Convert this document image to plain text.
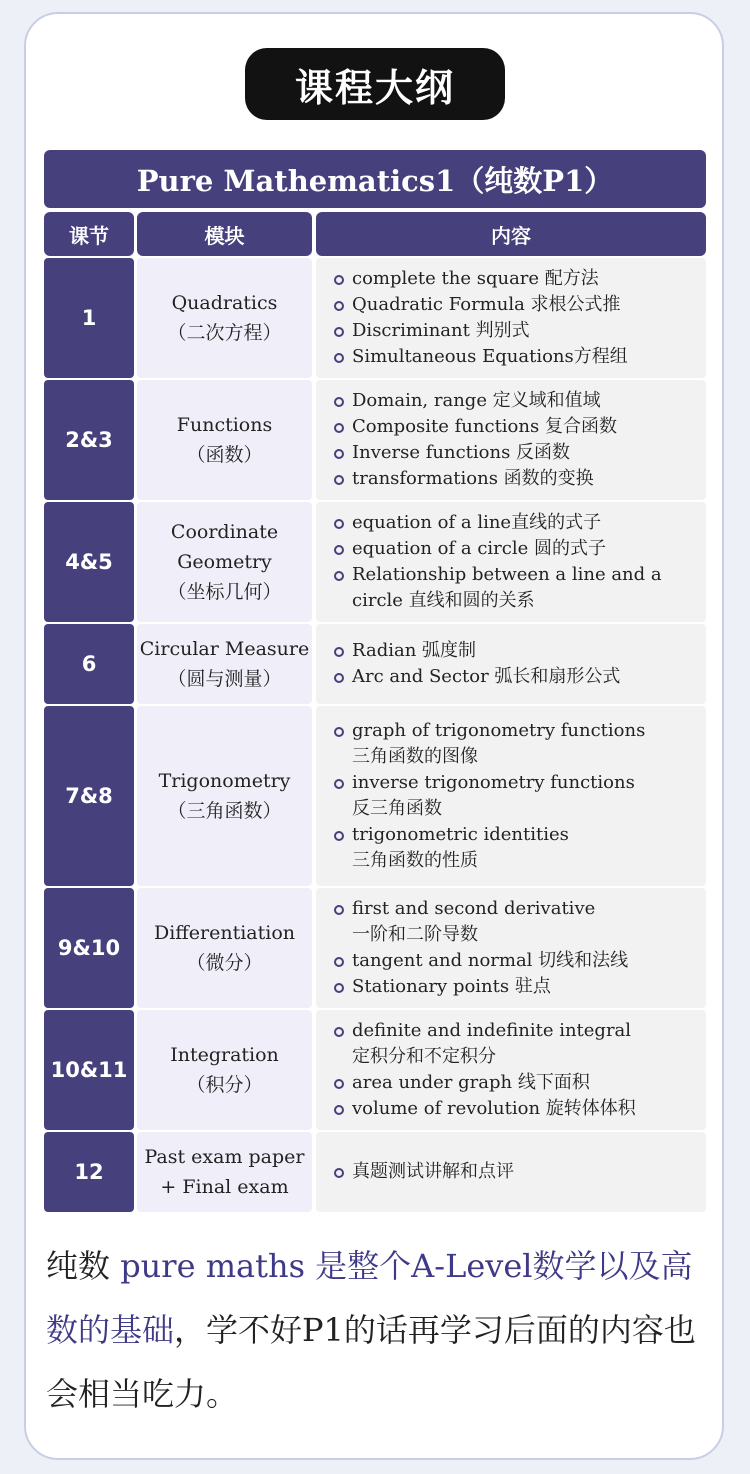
课程大纲
Pure Mathematics1（纯数P1）
课节	模块	内容
1
Quadratics
（二次方程）
complete the square 配方法
Quadratic Formula 求根公式推
Discriminant 判别式
Simultaneous Equations方程组
2&3
Functions
（函数）
Domain, range 定义域和值域
Composite functions 复合函数
Inverse functions 反函数
transformations 函数的变换
4&5
Coordinate
Geometry
（坐标几何）
equation of a line直线的式子
equation of a circle 圆的式子
Relationship between a line and a
circle 直线和圆的关系
6
Circular Measure
（圆与测量）
Radian 弧度制
Arc and Sector 弧长和扇形公式
7&8
Trigonometry
（三角函数）
graph of trigonometry functions
三角函数的图像
inverse trigonometry functions
反三角函数
trigonometric identities
三角函数的性质
9&10
Differentiation
（微分）
first and second derivative
一阶和二阶导数
tangent and normal 切线和法线
Stationary points 驻点
10&11
Integration
（积分）
definite and indefinite integral
定积分和不定积分
area under graph 线下面积
volume of revolution 旋转体体积
12
Past exam paper
+ Final exam
真题测试讲解和点评
纯数 pure maths 是整个A-Level数学以及高数的基础，学不好P1的话再学习后面的内容也会相当吃力。
